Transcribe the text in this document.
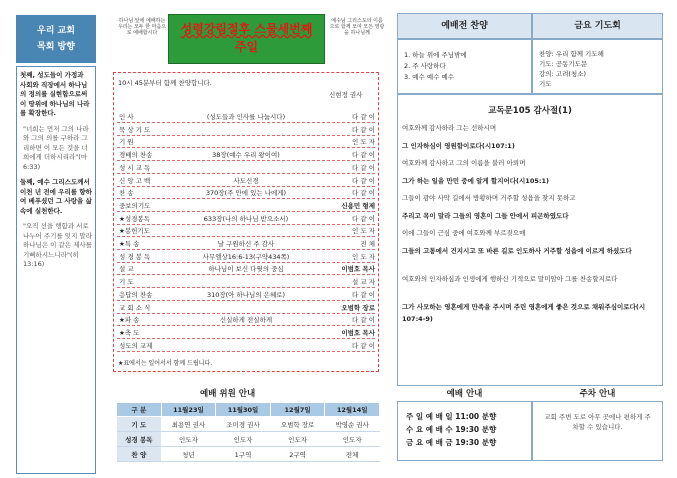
우리 교회
목회 방향

첫째, 성도들이 가정과 사회와 직장에서 하나님의 정의를 실현함으로써 이 땅위에 하나님의 나라를 확장한다.

"너희는 먼저 그의 나라와 그의 의를 구하라 그리하면 이 모든 것을 너희에게 더하시리라"(마 6:33)

둘째, 예수 그리스도께서 이천 년 전에 우리를 향하여 베푸셨던 그 사랑을 삶 속에 실천한다.

"오직 선을 행함과 서로 나누어 주기를 잊지 말라 하나님은 이 같은 제사를 기뻐하시느니라"(히 13:16)

하나님 앞에 예배하는 우리는 모두 한 마음으로 예배합시다	성령강림절후 스물세번째
주일
예수님 그리스도의 이름으로 함께 모여 모든 영광을 하나님께
10시 45분부터 함께 찬양합니다.
신현정 권사
인 사	(성도들과 인사를 나눕시다)	다 같 이
묵 상 기 도	다 같 이
기 원	인 도 자
경배의 찬송	38장(예수 우리 왕이여)	다 같 이
성 시 교 독	다 같 이
신 앙 고 백	사도신경	다 같 이
찬 송	370장(주 안에 있는 나에게)	다 같 이
중보의기도	신용민 형제
★성경봉독	633장(나의 하나님 받으소서)	다 같 이
★봉헌기도	인 도 자
★특 송	날 구원하신 주 감사	전 체
성 경 봉 독	사무엘상16:6-13(구약434쪽)	인 도 자
설 교	하나님이 보신 다윗의 중심	이범호 목사
기 도	설 교 자
응답의 찬송	310장(아 하나님의 은혜로)	다 같 이
교 회 소 식	오범학 장로
★파 송	신실하게 전실하게	다 같 이
★축 도	이범호 목사
성도의 교제	다 같 이
★표에서는 일어서서 함께 드립니다.
예배 위원 안내
구 분	11월23일	11월30일	12월7일	12월14일
기 도	최용연 권사	조미경 권사	오범학 장로	박영순 권사
성경 봉독	인도자	인도자	인도자	인도자
찬 양	청년	1구역	2구역	전체
예배전 찬양	금요 기도회
1. 하늘 위에 주님밖에
2. 주 사랑하다
3. 예수 예수 예수
찬양: 우리 함께 기도해
기도: 공동기도문
강의: 고려(청소)
기도
교독문105 감사절(1)
여호와께 감사하라 그는 선하시며
그 인자하심이 영원함이로다(시107:1)
여호와께 감사하고 그의 이름을 불러 아뢰며
그가 하는 일을 만민 중에 알게 할지어다(시105:1)
그들이 광야 사막 길에서 방황하며 거주할 성읍을 찾지 못하고
주리고 목이 말라 그들의 영혼이 그들 안에서 피곤하였도다
이에 그들이 근심 중에 여호와께 부르짖으매
그들의 고통에서 건지시고 또 바른 길로 인도하사 거주할 성읍에 이르게 하셨도다
여호와의 인자하심과 인생에게 행하신 기적으로 말미암아 그를 찬송할지로다
그가 사모하는 영혼에게 만족을 주시며 주린 영혼에게 좋은 것으로 채워주심이로다(시107:4-9)
예배 안내	주차 안내
주 일 예 배 일 11:00 분향
수 요 예 배 수 19:30 분향
금 요 예 배 금 19:30 분향
교회 주변 도로 아무 곳에나 편하게 주차할 수 있습니다.
